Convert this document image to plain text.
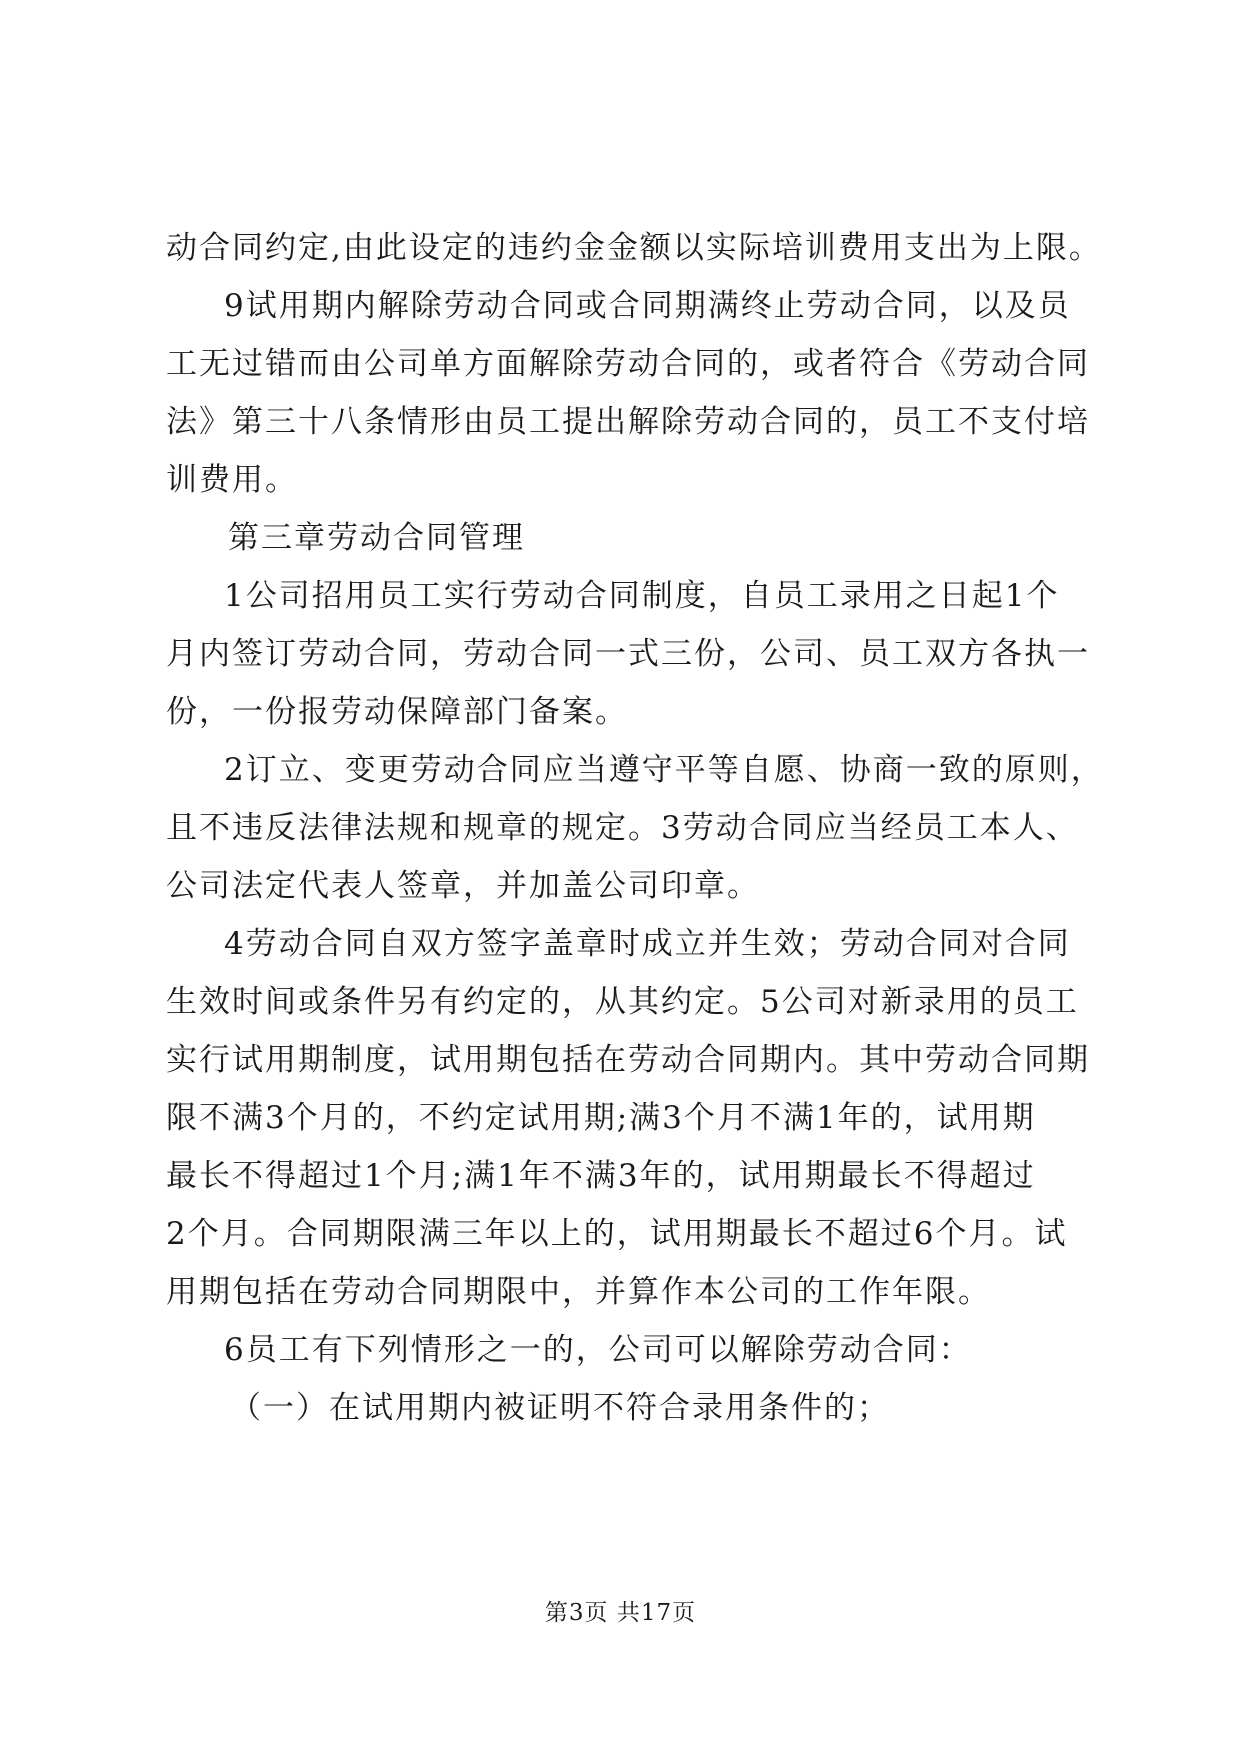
动合同约定,由此设定的违约金金额以实际培训费用支出为上限。
9试用期内解除劳动合同或合同期满终止劳动合同，以及员
工无过错而由公司单方面解除劳动合同的，或者符合《劳动合同
法》第三十八条情形由员工提出解除劳动合同的，员工不支付培
训费用。
第三章劳动合同管理
1公司招用员工实行劳动合同制度，自员工录用之日起1个
月内签订劳动合同，劳动合同一式三份，公司、员工双方各执一
份，一份报劳动保障部门备案。
2订立、变更劳动合同应当遵守平等自愿、协商一致的原则，
且不违反法律法规和规章的规定。3劳动合同应当经员工本人、
公司法定代表人签章，并加盖公司印章。
4劳动合同自双方签字盖章时成立并生效；劳动合同对合同
生效时间或条件另有约定的，从其约定。5公司对新录用的员工
实行试用期制度，试用期包括在劳动合同期内。其中劳动合同期
限不满3个月的，不约定试用期;满3个月不满1年的，试用期
最长不得超过1个月;满1年不满3年的，试用期最长不得超过
2个月。合同期限满三年以上的，试用期最长不超过6个月。试
用期包括在劳动合同期限中，并算作本公司的工作年限。
6员工有下列情形之一的，公司可以解除劳动合同：
（一）在试用期内被证明不符合录用条件的；
第3页 共17页
